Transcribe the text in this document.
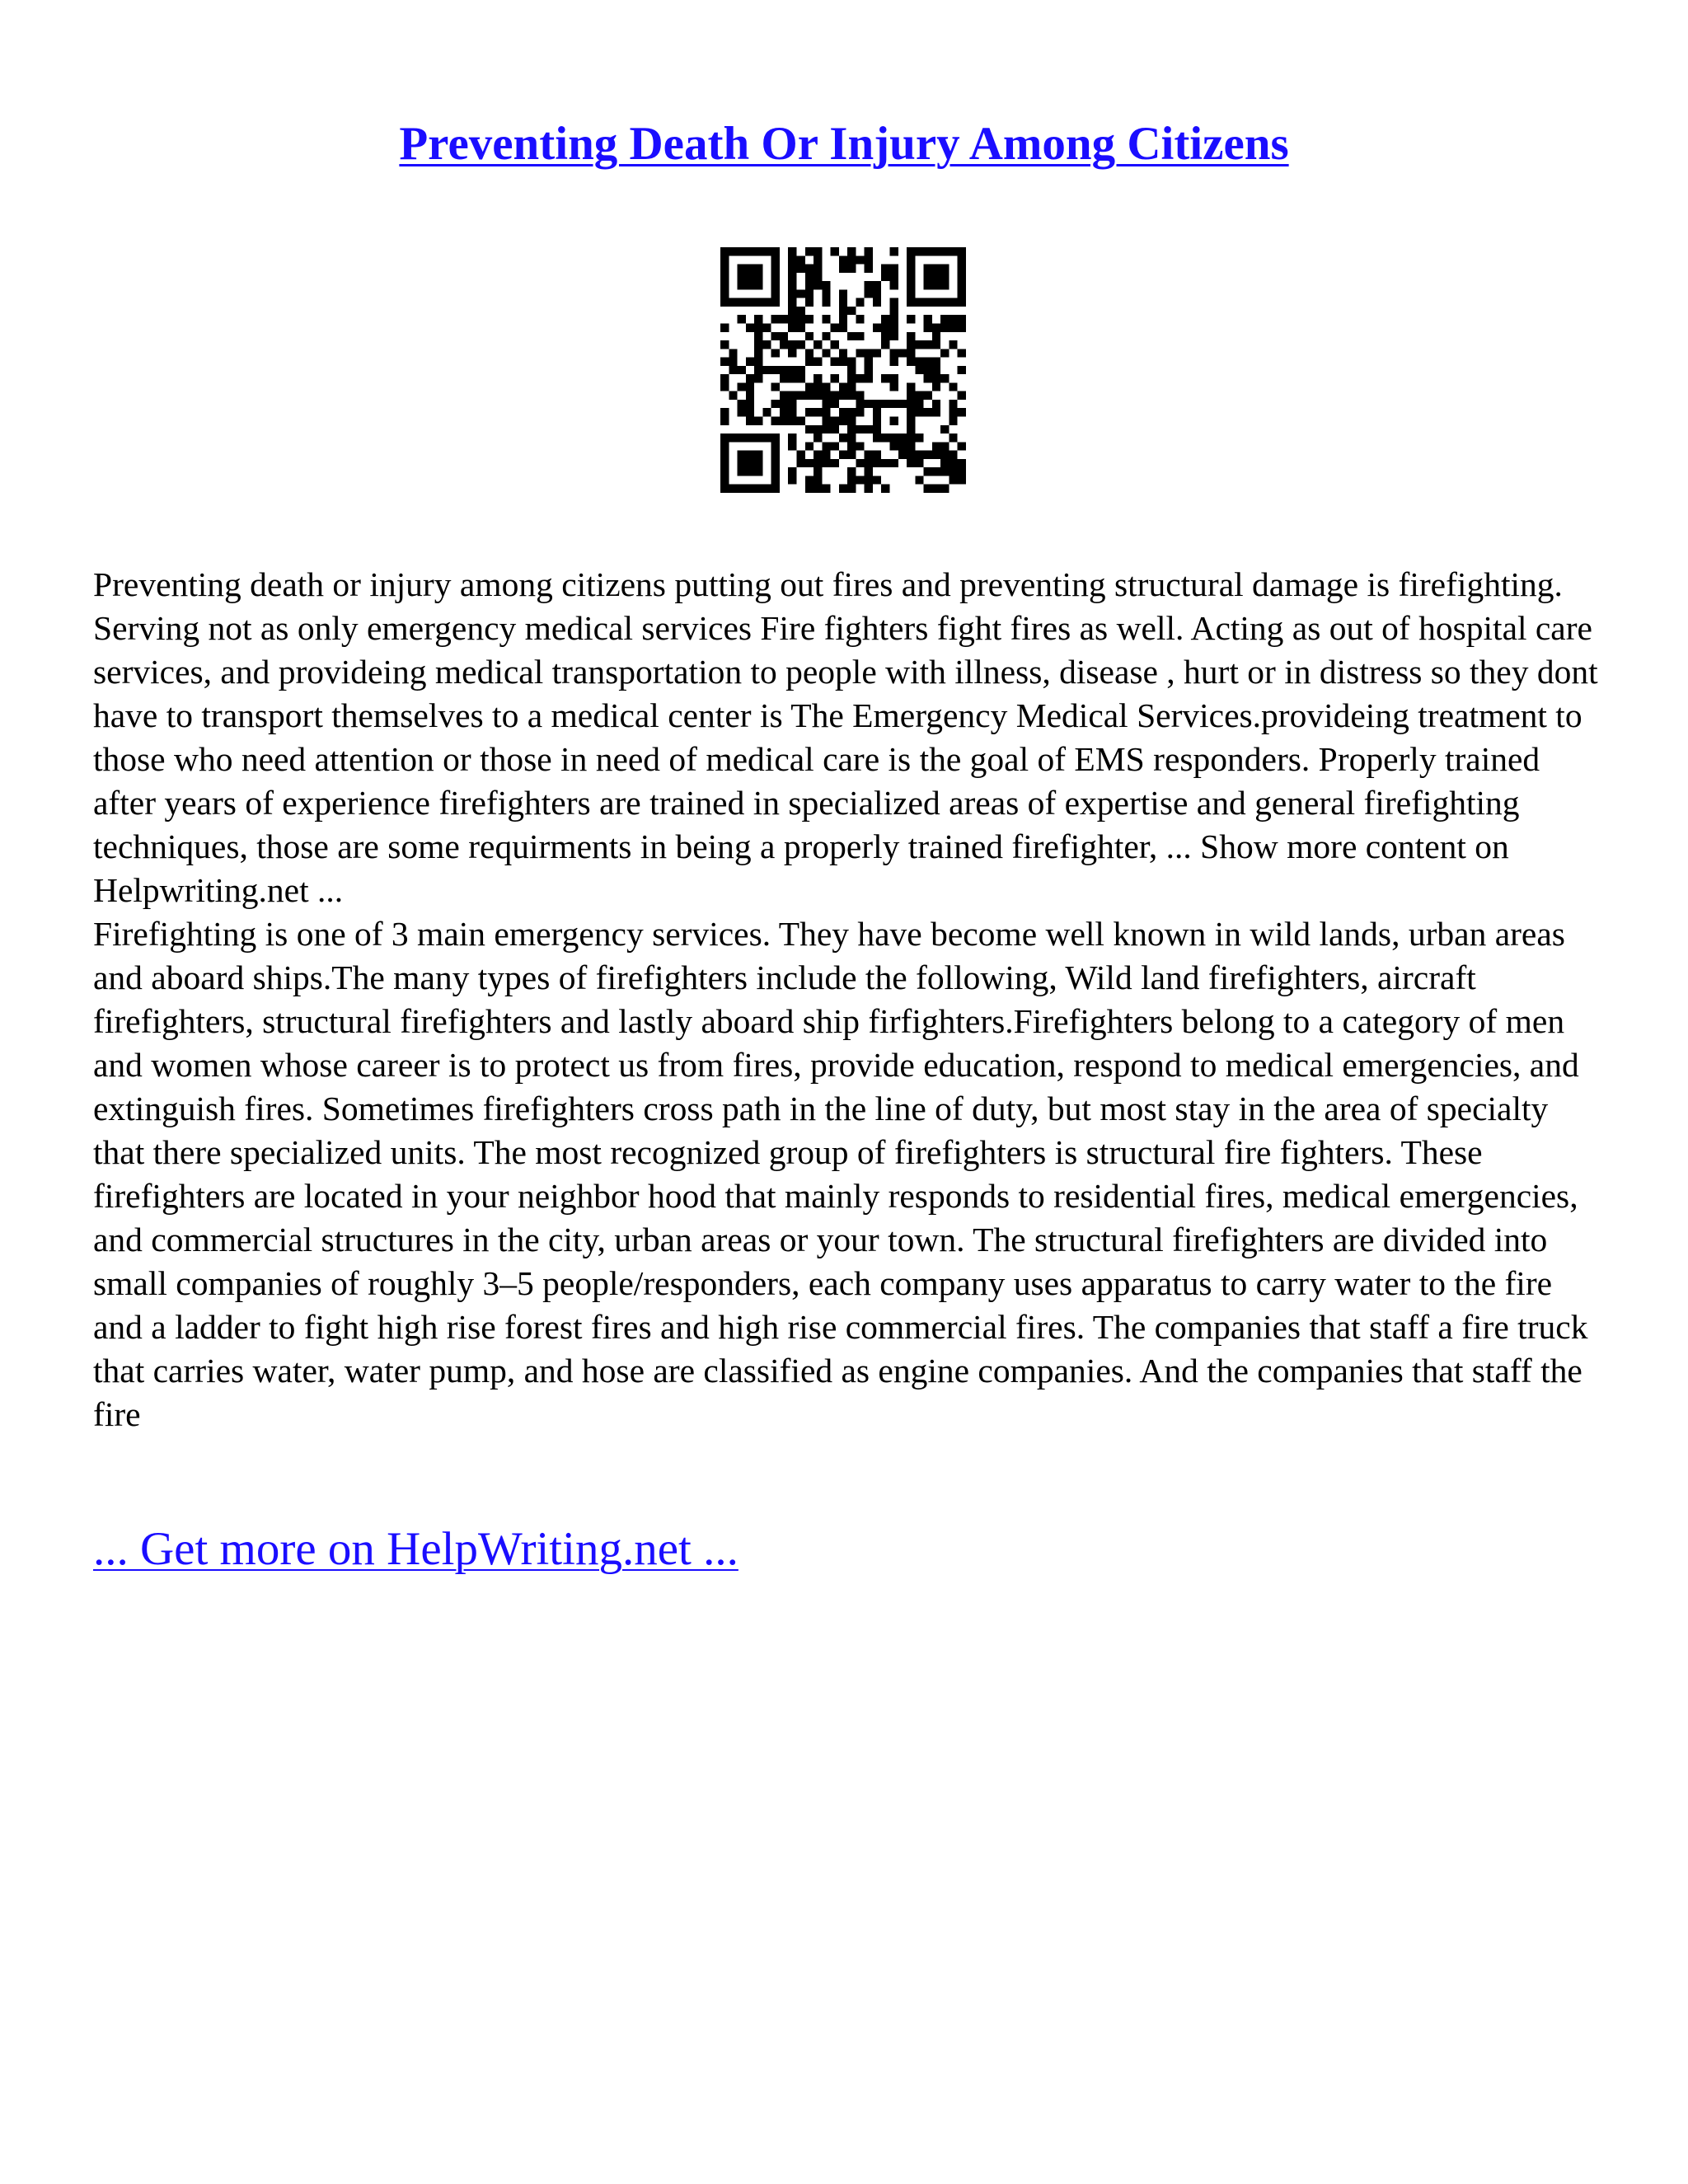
Preventing Death Or Injury Among Citizens

Preventing death or injury among citizens putting out fires and preventing structural damage is firefighting. Serving not as only emergency medical services Fire fighters fight fires as well. Acting as out of hospital care services, and provideing medical transportation to people with illness, disease , hurt or in distress so they dont have to transport themselves to a medical center is The Emergency Medical Services.provideing treatment to those who need attention or those in need of medical care is the goal of EMS responders. Properly trained after years of experience firefighters are trained in specialized areas of expertise and general firefighting techniques, those are some requirments in being a properly trained firefighter, ... Show more content on Helpwriting.net ...

Firefighting is one of 3 main emergency services. They have become well known in wild lands, urban areas and aboard ships.The many types of firefighters include the following, Wild land firefighters, aircraft firefighters, structural firefighters and lastly aboard ship firfighters.Firefighters belong to a category of men and women whose career is to protect us from fires, provide education, respond to medical emergencies, and extinguish fires. Sometimes firefighters cross path in the line of duty, but most stay in the area of specialty that there specialized units. The most recognized group of firefighters is structural fire fighters. These firefighters are located in your neighbor hood that mainly responds to residential fires, medical emergencies, and commercial structures in the city, urban areas or your town. The structural firefighters are divided into small companies of roughly 3–5 people/responders, each company uses apparatus to carry water to the fire and a ladder to fight high rise forest fires and high rise commercial fires. The companies that staff a fire truck that carries water, water pump, and hose are classified as engine companies. And the companies that staff the fire

... Get more on HelpWriting.net ...
